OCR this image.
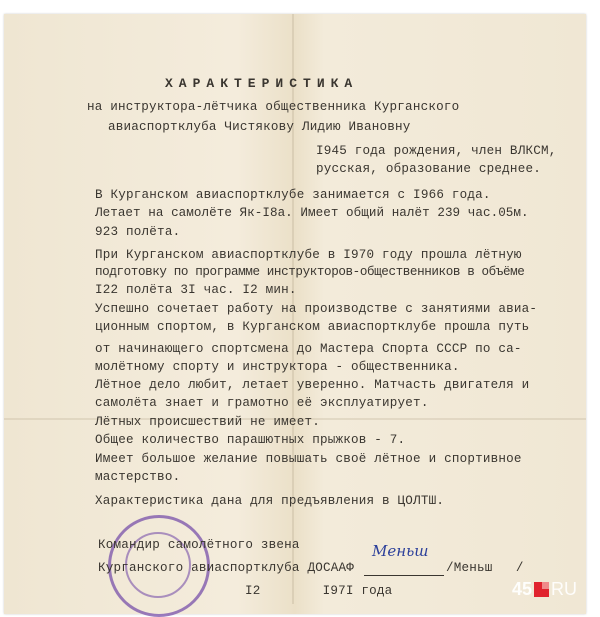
ХАРАКТЕРИСТИКА
на инструктора-лётчика общественника Курганского
авиаспортклуба Чистякову Лидию Ивановну
I945 года рождения, член ВЛКСМ,
русская, образование среднее.
В Курганском авиаспортклубе занимается с I966 года.
Летает на самолёте Як-I8а. Имеет общий налёт 239 час.05м.
923 полёта.
При Курганском авиаспортклубе в I970 году прошла лётную
подготовку по программе инструкторов-общественников в объёме
I22 полёта 3I час. I2 мин.
Успешно сочетает работу на производстве с занятиями авиа-
ционным спортом, в Курганском авиаспортклубе прошла путь
от начинающего спортсмена до Мастера Спорта СССР по са-
молётному спорту и инструктора - общественника.
Лётное дело любит, летает уверенно. Матчасть двигателя и
самолёта знает и грамотно её эксплуатирует.
Лётных происшествий не имеет.
Общее количество парашютных прыжков - 7.
Имеет большое желание повышать своё лётное и спортивное
мастерство.
Характеристика дана для предъявления в ЦОЛТШ.
Командир самолётного звена
Курганского авиаспортклуба ДОСААФ
Меньш
/Меньш   /
I2        I97I года	45 RU
